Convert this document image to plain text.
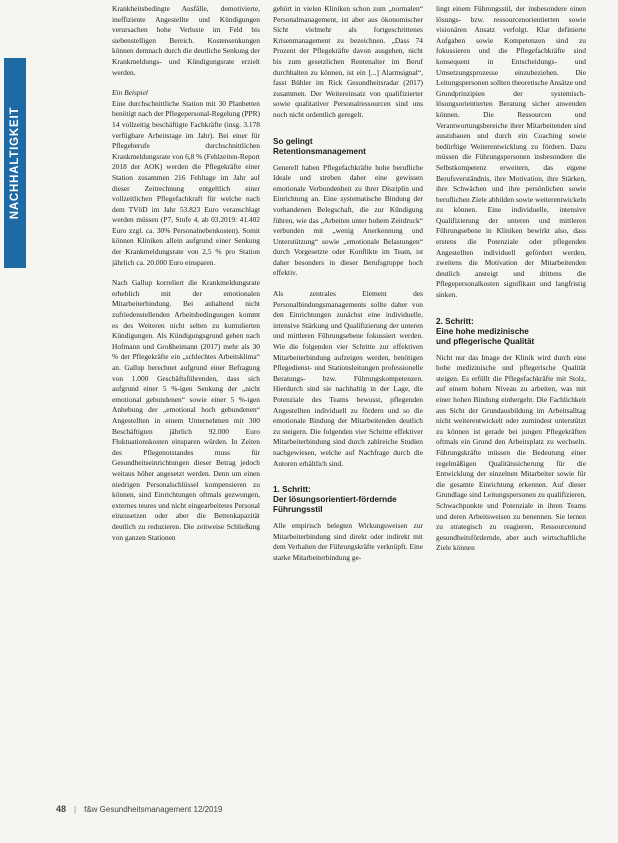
NACHHALTIGKEIT

Krankheitsbedingte Ausfälle, demotivierte, ineffiziente Angestellte und Kündigungen verursachen hohe Verluste im Feld bis siebenstelligen Bereich. Kostensenkungen können demnach durch die deutliche Senkung der Krankmeldungs- und Kündigungsrate erzielt werden.

Ein Beispiel

Eine durchschnittliche Station mit 30 Planbetten benötigt nach der Pflegepersonal-Regelung (PPR) 14 vollzeitig beschäftigte Fachkräfte (insg. 3.178 verfügbare Arbeitstage im Jahr). Bei einer für Pflegeberufe durchschnittlichen Krankmeldungsrate von 6,8 % (Fehlzeiten-Report 2018 der AOK) werden die Pflegekräfte einer Station zusammen 216 Fehltage im Jahr auf dieser Zeitrechnung entgeltlich einer vollzeitlichen Pflegefachkraft für welche nach dem TVöD im Jahr 53.823 Euro veranschlagt werden müssen (P7, Stufe 4, ab 03.2019: 41.402 Euro zzgl. ca. 30% Personalnebenkosten). Somit können Kliniken allein aufgrund einer Senkung der Krankmeldungsrate von 2,5 % pro Station jährlich ca. 20.000 Euro einsparen.

Nach Gallup korreliert die Krankmeldungsrate erheblich mit der emotionalen Mitarbeiterbindung. Bei anhaltend nicht zufriedenstellenden Arbeitsbedingungen kommt es des Weiteren nicht selten zu kumulierten Kündigungen. Als Kündigungsgrund geben nach Hofmann und Großheimann (2017) mehr als 30 % der Pflegekräfte ein „schlechtes Arbeitsklima“ an. Gallup berechnet aufgrund einer Befragung von 1.000 Geschäftsführenden, dass sich aufgrund einer 5 %-igen Senkung der „nicht emotional gebundenen“ sowie einer 5 %-igen Anhebung der „emotional hoch gebundenen“ Angestellten in einem Unternehmen mit 300 Beschäftigten jährlich 92.000 Euro Fluktuationskosten einsparen würden. In Zeiten des Pflegenotstandes muss für Gesundheitseinrichtungen dieser Betrag jedoch weitaus höher angesetzt werden. Denn um einen niedrigen Personalschlüssel kompensieren zu können, sind Einrichtungen oftmals gezwungen, externes teures und nicht eingearbeitetes Personal einzusetzen oder aber die Bettenkapazität deutlich zu reduzieren. Die zeitweise Schließung von ganzen Stationen

gehört in vielen Kliniken schon zum „normalen“ Personalmanagement, ist aber aus ökonomischer Sicht vielmehr als fortgeschrittenes Krisenmanagement zu bezeichnen. „Dass 74 Prozent der Pflegekräfte davon ausgehen, nicht bis zum gesetzlichen Rentenalter im Beruf durchhalten zu können, ist ein [...] Alarmsignal“, fasst Bühler im Rick Gesundheitsradar (2017) zusammen. Der Weitereinsatz von qualifizierter sowie qualitativer Personalressourcen sind uns noch nicht ordentlich geregelt.

So gelingt
Retentionsmanagement

Generell haben Pflegefachkräfte hohe berufliche Ideale und streben daher eine gewissen emotionale Verbundenheit zu ihrer Disziplin und Einrichtung an. Eine systematische Bindung der vorhandenen Belegschaft, die zur Kündigung führen, wie das „Arbeiten unter hohem Zeitdruck“ verbunden mit „wenig Anerkennung und Unterstützung“ sowie „emotionale Belastungen“ durch Vorgesetzte oder Konflikte im Team, ist daher besonders in dieser Berufsgruppe hoch effektiv.

Als zentrales Element des Personalbindungsmanagements sollte daher von den Einrichtungen zunächst eine individuelle, intensive Stärkung und Qualifizierung der unteren und mittleren Führungsebene fokussiert werden. Wie die folgenden vier Schritte zur effektiven Mitarbeiterbindung aufzeigen werden, benötigen Pflegedienst- und Stationsleitungen professionelle Beratungs- bzw. Führungskompetenzen. Hierdurch sind sie nachhaltig in der Lage, die Potenziale des Teams bewusst, pflegenden Angestellten individuell zu fördern und so die emotionale Bindung der Mitarbeitenden deutlich zu steigern. Die folgenden vier Schritte effektiver Mitarbeiterbindung sind durch zahlreiche Studien nachgewiesen, welche auf Nachfrage durch die Autoren erhältlich sind.

1. Schritt:
Der lösungsorientiert-fördernde
Führungsstil

Alle empirisch belegten Wirkungsweisen zur Mitarbeiterbindung sind direkt oder indirekt mit dem Verhalten der Führungskräfte verknüpft. Eine starke Mitarbeiterbindung ge-

lingt einem Führungsstil, der insbesondere einen lösungs- bzw. ressourcenorientierten sowie visionären Ansatz verfolgt. Klar definierte Aufgaben sowie Kompetenzen sind zu fokussieren und die Pflegefachkräfte sind konsequent in Entscheidungs- und Umsetzungsprozesse einzubeziehen. Die Leitungspersonen sollten theoretische Ansätze und Grundprinzipien der systemisch-lösungsorientierten Beratung sicher anwenden können. Die Ressourcen und Verantwortungsbereiche ihrer Mitarbeitenden sind auszubauen und durch ein Coaching sowie bedürftige Weiterentwicklung zu fördern. Dazu müssen die Führungspersonen insbesondere die Selbstkompetenz erweitern, das eigene Berufsverständnis, ihre Motivation, ihre Stärken, ihre Schwächen und ihre persönlichen sowie beruflichen Ziele abbilden sowie weiterentwickeln zu können. Eine individuelle, intensive Qualifizierung der unteren und mittleren Führungsebene in Kliniken bewirkt also, dass erstens die Potenziale oder pflegenden Angestellten individuell gefördert werden, zweitens die Motivation der Mitarbeitenden deutlich ansteigt und drittens die Pflegepersonalkosten signifikant und langfristig sinken.

2. Schritt:
Eine hohe medizinische
und pflegerische Qualität

Nicht nur das Image der Klinik wird durch eine hohe medizinische und pflegerische Qualität steigen. Es erfüllt die Pflegefachkräfte mit Stolz, auf einem hohem Niveau zu arbeiten, was mit einer hohen Bindung einhergeht. Die Fachlichkeit aus Sicht der Grundausbildung im Arbeitsalltag nicht weiterentwickelt oder zumindest unterstützt zu können ist gerade bei jungen Pflegekräften oftmals ein Grund den Arbeitsplatz zu wechseln. Führungskräfte müssen die Bedeutung einer regelmäßigen Qualitätssicherung für die Entwicklung der einzelnen Mitarbeiter sowie für die gesamte Einrichtung erkennen. Auf dieser Grundlage sind Leitungspersonen zu qualifizieren, Schwachpunkte und Potenziale in ihren Teams und deren Arbeitsweisen zu benennen. Sie lernen zu strategisch zu reagieren, Ressourcenund gesundheitsfördernde, aber auch wirtschaftliche Ziele können

48 | f&w Gesundheitsmanagement 12/2019
